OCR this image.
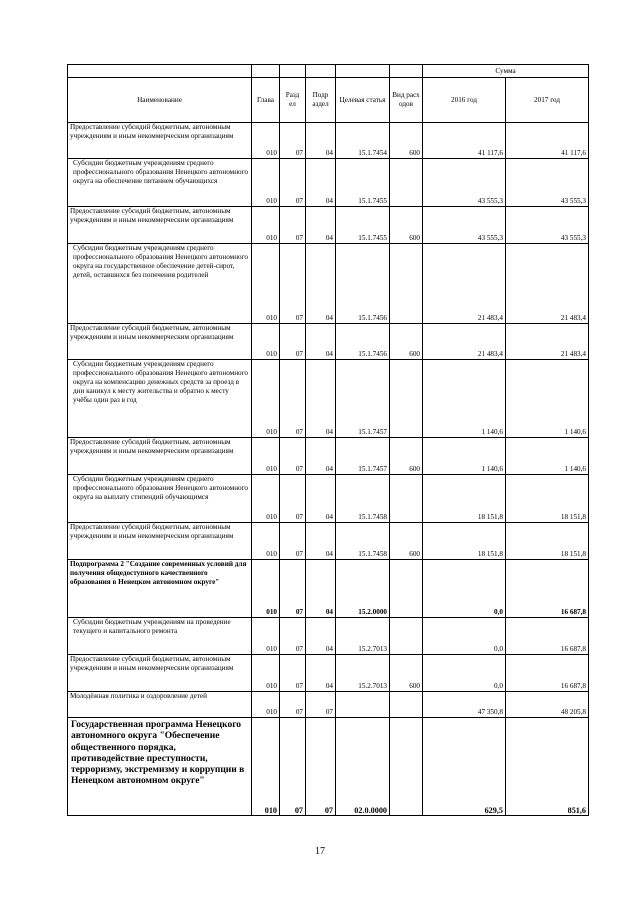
						Сумма	
Наименование	Глава	Разд ел	Подр аздел	Целевая статья	Вид расх одов	2016 год	2017 год
Предоставление субсидий бюджетным, автономным учреждениям и иным некоммерческим организациям	010	07	04	15.1.7454	600	41 117,6	41 117,6
Субсидии бюджетным учреждениям среднего профессионального образования Ненецкого автономного округа на обеспечение питанием обучающихся	010	07	04	15.1.7455		43 555,3	43 555,3
Предоставление субсидий бюджетным, автономным учреждениям и иным некоммерческим организациям	010	07	04	15.1.7455	600	43 555,3	43 555,3
Субсидии бюджетным учреждениям среднего профессионального образования Ненецкого автономного округа на государственное обеспечение детей-сирот, детей, оставшихся без попечения родителей	010	07	04	15.1.7456		21 483,4	21 483,4
Предоставление субсидий бюджетным, автономным учреждениям и иным некоммерческим организациям	010	07	04	15.1.7456	600	21 483,4	21 483,4
Субсидии бюджетным учреждениям среднего профессионального образования Ненецкого автономного округа на компенсацию денежных средств за проезд в дни каникул к месту жительства и обратно к месту учёбы один раз в год	010	07	04	15.1.7457		1 140,6	1 140,6
Предоставление субсидий бюджетным, автономным учреждениям и иным некоммерческим организациям	010	07	04	15.1.7457	600	1 140,6	1 140,6
Субсидии бюджетным учреждениям среднего профессионального образования Ненецкого автономного округа на выплату стипендий обучающимся	010	07	04	15.1.7458		18 151,8	18 151,8
Предоставление субсидий бюджетным, автономным учреждениям и иным некоммерческим организациям	010	07	04	15.1.7458	600	18 151,8	18 151,8
Подпрограмма 2 "Создание современных условий для получения общедоступного качественного образования в Ненецком автономном округе"	010	07	04	15.2.0000		0,0	16 687,8
Субсидии бюджетным учреждениям на проведение текущего и капитального ремонта	010	07	04	15.2.7013		0,0	16 687,8
Предоставление субсидий бюджетным, автономным учреждениям и иным некоммерческим организациям	010	07	04	15.2.7013	600	0,0	16 687,8
Молодёжная политика и оздоровление детей	010	07	07			47 350,8	48 205,8
Государственная программа Ненецкого автономного округа "Обеспечение общественного порядка, противодействие преступности, терроризму, экстремизму и коррупции в Ненецком автономном округе"	010	07	07	02.0.0000		629,5	851,6
17
